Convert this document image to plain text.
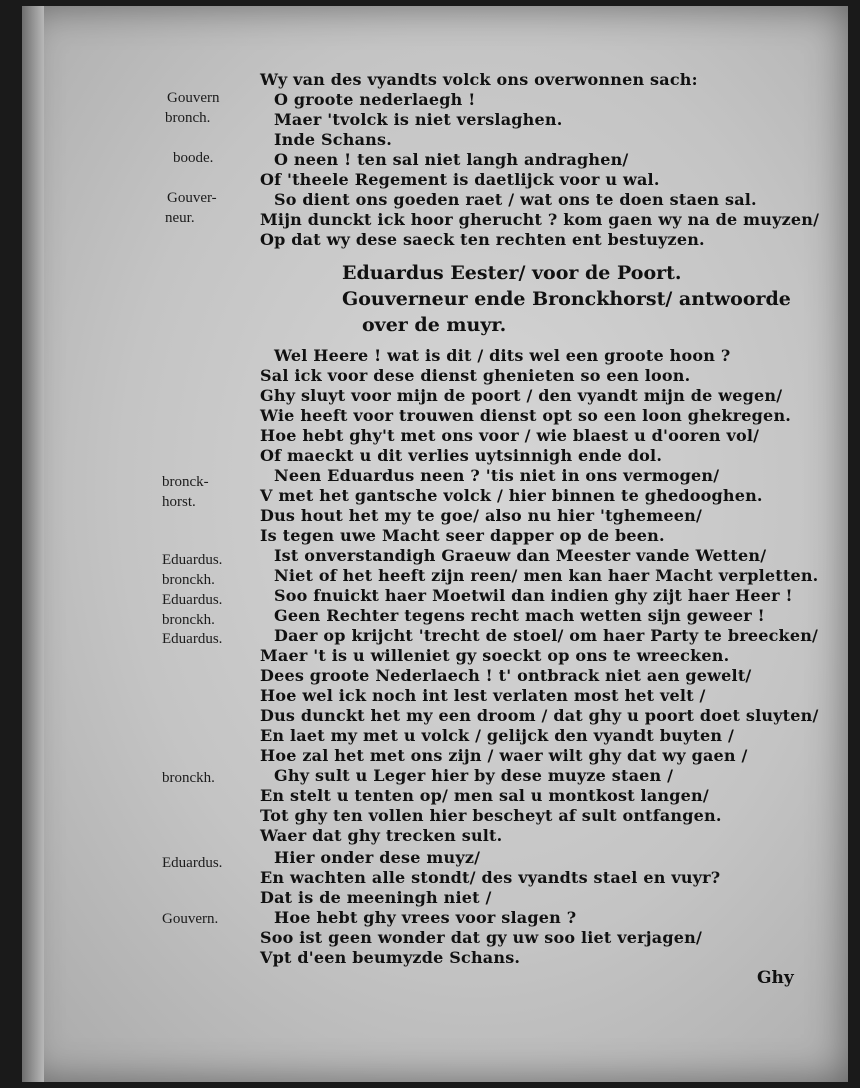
Gouvern
bronch.
boode.
Gouver-
neur.
bronck-
horst.
Eduardus.
bronckh.
Eduardus.
bronckh.
Eduardus.
bronckh.
Eduardus.
Gouvern.
Wy van des vyandts volck ons overwonnen sach:
O groote nederlaegh !
Maer 'tvolck is niet verslaghen.
Inde Schans.
O neen ! ten sal niet langh andraghen/
Of 'theele Regement is daetlijck voor u wal.
So dient ons goeden raet / wat ons te doen staen sal.
Mijn dunckt ick hoor gherucht ? kom gaen wy na de muyzen/
Op dat wy dese saeck ten rechten ent bestuyzen.
Eduardus Eester/ voor de Poort.
Gouverneur ende Bronckhorst/ antwoorde
over de muyr.
Wel Heere ! wat is dit / dits wel een groote hoon ?
Sal ick voor dese dienst ghenieten so een loon.
Ghy sluyt voor mijn de poort / den vyandt mijn de wegen/
Wie heeft voor trouwen dienst opt so een loon ghekregen.
Hoe hebt ghy't met ons voor / wie blaest u d'ooren vol/
Of maeckt u dit verlies uytsinnigh ende dol.
Neen Eduardus neen ? 'tis niet in ons vermogen/
V met het gantsche volck / hier binnen te ghedooghen.
Dus hout het my te goe/ also nu hier 'tghemeen/
Is tegen uwe Macht seer dapper op de been.
Ist onverstandigh Graeuw dan Meester vande Wetten/
Niet of het heeft zijn reen/ men kan haer Macht verpletten.
Soo fnuickt haer Moetwil dan indien ghy zijt haer Heer !
Geen Rechter tegens recht mach wetten sijn geweer !
Daer op krijcht 'trecht de stoel/ om haer Party te breecken/
Maer 't is u willeniet gy soeckt op ons te wreecken.
Dees groote Nederlaech ! t' ontbrack niet aen gewelt/
Hoe wel ick noch int lest verlaten most het velt /
Dus dunckt het my een droom / dat ghy u poort doet sluyten/
En laet my met u volck / gelijck den vyandt buyten /
Hoe zal het met ons zijn / waer wilt ghy dat wy gaen /
Ghy sult u Leger hier by dese muyze staen /
En stelt u tenten op/ men sal u montkost langen/
Tot ghy ten vollen hier bescheyt af sult ontfangen.
Waer dat ghy trecken sult.
Hier onder dese muyz/
En wachten alle stondt/ des vyandts stael en vuyr?
Dat is de meeningh niet /
Hoe hebt ghy vrees voor slagen ?
Soo ist geen wonder dat gy uw soo liet verjagen/
Vpt d'een beumyzde Schans.
Ghy
